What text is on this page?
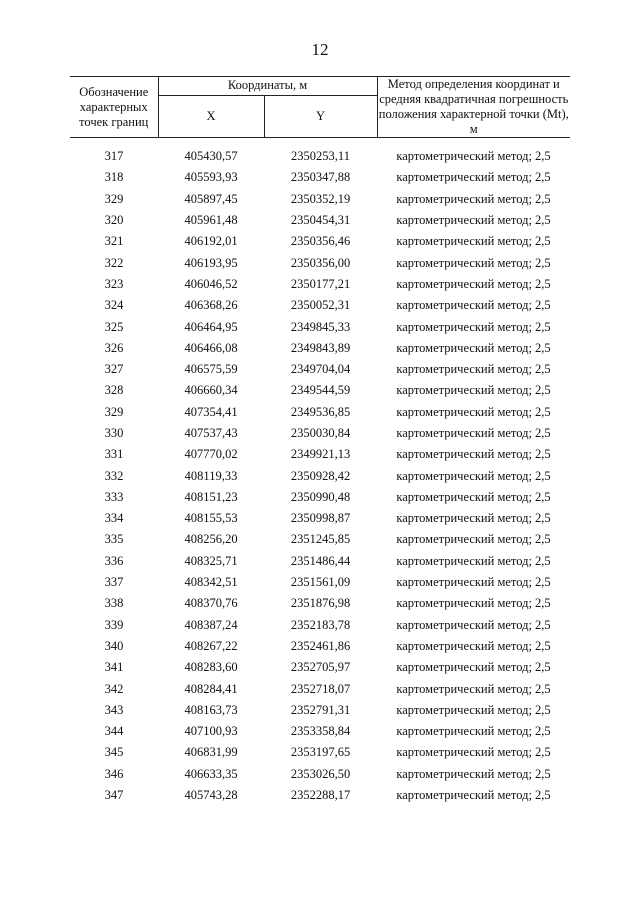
12
Обозначение характерных точек границ	Координаты, м		Метод определения координат и средняя квадратичная погрешность положения характерной точки (Mt), м
	X	Y	
317	405430,57	2350253,11	картометрический метод; 2,5
318	405593,93	2350347,88	картометрический метод; 2,5
329	405897,45	2350352,19	картометрический метод; 2,5
320	405961,48	2350454,31	картометрический метод; 2,5
321	406192,01	2350356,46	картометрический метод; 2,5
322	406193,95	2350356,00	картометрический метод; 2,5
323	406046,52	2350177,21	картометрический метод; 2,5
324	406368,26	2350052,31	картометрический метод; 2,5
325	406464,95	2349845,33	картометрический метод; 2,5
326	406466,08	2349843,89	картометрический метод; 2,5
327	406575,59	2349704,04	картометрический метод; 2,5
328	406660,34	2349544,59	картометрический метод; 2,5
329	407354,41	2349536,85	картометрический метод; 2,5
330	407537,43	2350030,84	картометрический метод; 2,5
331	407770,02	2349921,13	картометрический метод; 2,5
332	408119,33	2350928,42	картометрический метод; 2,5
333	408151,23	2350990,48	картометрический метод; 2,5
334	408155,53	2350998,87	картометрический метод; 2,5
335	408256,20	2351245,85	картометрический метод; 2,5
336	408325,71	2351486,44	картометрический метод; 2,5
337	408342,51	2351561,09	картометрический метод; 2,5
338	408370,76	2351876,98	картометрический метод; 2,5
339	408387,24	2352183,78	картометрический метод; 2,5
340	408267,22	2352461,86	картометрический метод; 2,5
341	408283,60	2352705,97	картометрический метод; 2,5
342	408284,41	2352718,07	картометрический метод; 2,5
343	408163,73	2352791,31	картометрический метод; 2,5
344	407100,93	2353358,84	картометрический метод; 2,5
345	406831,99	2353197,65	картометрический метод; 2,5
346	406633,35	2353026,50	картометрический метод; 2,5
347	405743,28	2352288,17	картометрический метод; 2,5
